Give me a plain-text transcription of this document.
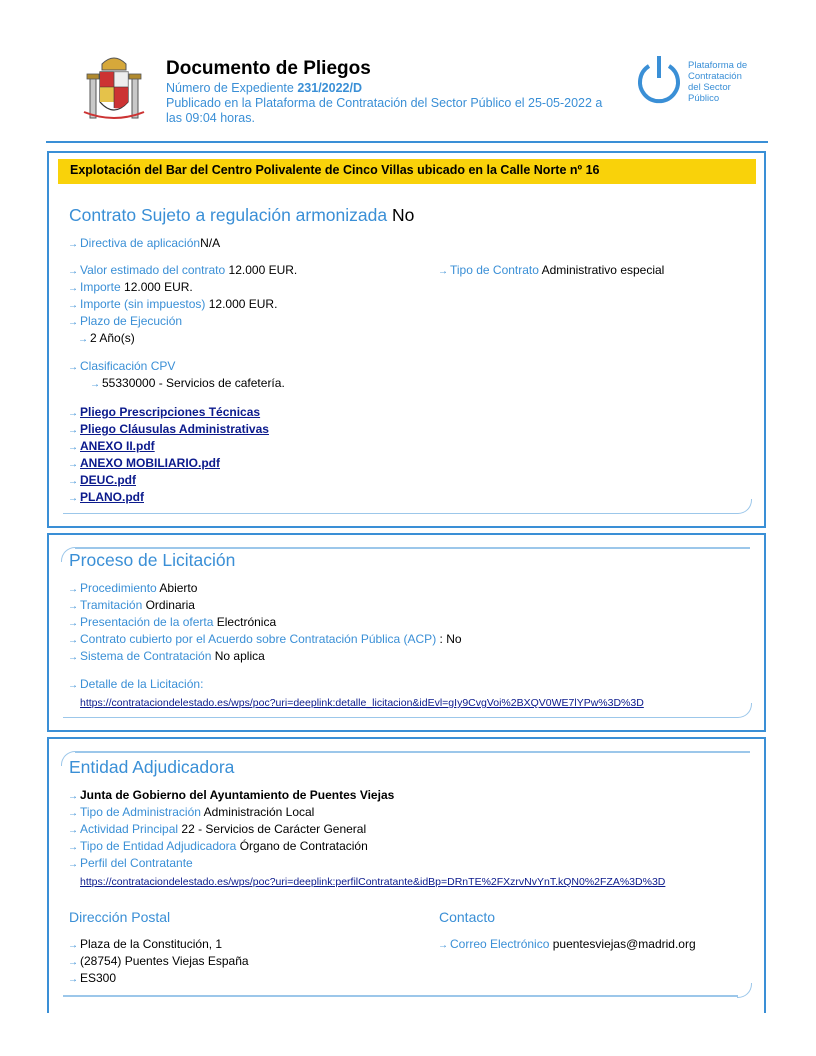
Documento de Pliegos
Número de Expediente 231/2022/D
Publicado en la Plataforma de Contratación del Sector Público el 25-05-2022 a
las 09:04 horas.
Plataforma de
Contratación
del Sector
Público
Explotación del Bar del Centro Polivalente de Cinco Villas ubicado en la Calle Norte nº 16
Contrato Sujeto a regulación armonizada No
→ Directiva de aplicaciónN/A
→ Valor estimado del contrato 12.000 EUR.	→ Tipo de Contrato Administrativo especial
→ Importe 12.000 EUR.
→ Importe (sin impuestos) 12.000 EUR.
→ Plazo de Ejecución
→ 2 Año(s)
→ Clasificación CPV
→ 55330000 - Servicios de cafetería.
→ Pliego Prescripciones Técnicas
→ Pliego Cláusulas Administrativas
→ ANEXO II.pdf
→ ANEXO MOBILIARIO.pdf
→ DEUC.pdf
→ PLANO.pdf
Proceso de Licitación
→ Procedimiento Abierto
→ Tramitación Ordinaria
→ Presentación de la oferta Electrónica
→ Contrato cubierto por el Acuerdo sobre Contratación Pública (ACP) : No
→ Sistema de Contratación No aplica
→ Detalle de la Licitación:
https://contrataciondelestado.es/wps/poc?uri=deeplink:detalle_licitacion&idEvl=gIy9CvgVoi%2BXQV0WE7lYPw%3D%3D
Entidad Adjudicadora
→ Junta de Gobierno del Ayuntamiento de Puentes Viejas
→ Tipo de Administración Administración Local
→ Actividad Principal 22 - Servicios de Carácter General
→ Tipo de Entidad Adjudicadora Órgano de Contratación
→ Perfil del Contratante
https://contrataciondelestado.es/wps/poc?uri=deeplink:perfilContratante&idBp=DRnTE%2FXzrvNvYnT.kQN0%2FZA%3D%3D
Dirección Postal	Contacto
→ Plaza de la Constitución, 1
→ (28754) Puentes Viejas España
→ ES300
→ Correo Electrónico puentesviejas@madrid.org
